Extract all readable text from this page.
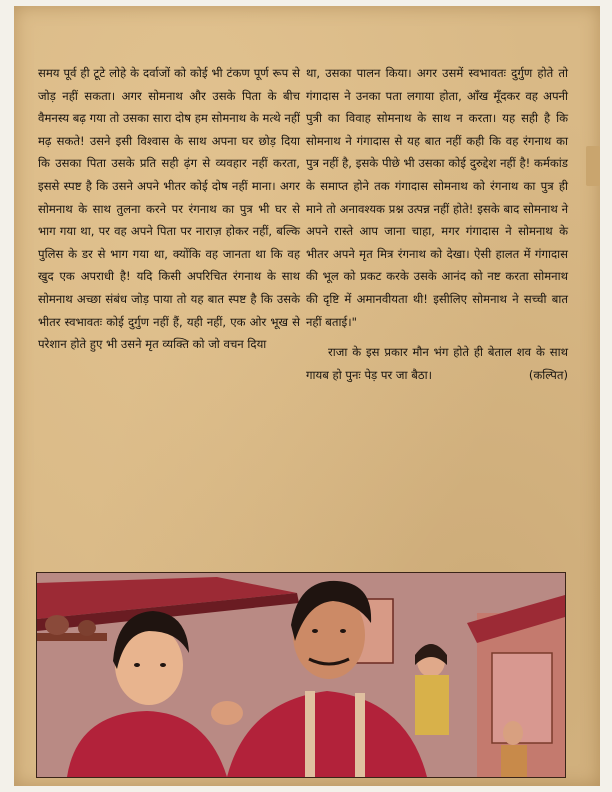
समय पूर्व ही टूटे लोहे के दर्वाजों को कोई भी टंकण पूर्ण रूप से जोड़ नहीं सकता। अगर सोमनाथ और उसके पिता के बीच वैमनस्य बढ़ गया तो उसका सारा दोष हम सोमनाथ के मत्थे नहीं मढ़ सकते! उसने इसी विश्वास के साथ अपना घर छोड़ दिया कि उसका पिता उसके प्रति सही ढ़ंग से व्यवहार नहीं करता, इससे स्पष्ट है कि उसने अपने भीतर कोई दोष नहीं माना। अगर सोमनाथ के साथ तुलना करने पर रंगनाथ का पुत्र भी घर से भाग गया था, पर वह अपने पिता पर नाराज़ होकर नहीं, बल्कि पुलिस के डर से भाग गया था, क्योंकि वह जानता था कि वह खुद एक अपराधी है! यदि किसी अपरिचित रंगनाथ के साथ सोमनाथ अच्छा संबंध जोड़ पाया तो यह बात स्पष्ट है कि उसके भीतर स्वभावतः कोई दुर्गुण नहीं हैं, यही नहीं, एक ओर भूख से परेशान होते हुए भी उसने मृत व्यक्ति को जो वचन दिया

था, उसका पालन किया। अगर उसमें स्वभावतः दुर्गुण होते तो गंगादास ने उनका पता लगाया होता, आँख मूँदकर वह अपनी पुत्री का विवाह सोमनाथ के साथ न करता। यह सही है कि सोमनाथ ने गंगादास से यह बात नहीं कही कि वह रंगनाथ का पुत्र नहीं है, इसके पीछे भी उसका कोई दुरुद्देश नहीं है! कर्मकांड के समाप्त होने तक गंगादास सोमनाथ को रंगनाथ का पुत्र ही माने तो अनावश्यक प्रश्न उत्पन्न नहीं होते! इसके बाद सोमनाथ ने अपने रास्ते आप जाना चाहा, मगर गंगादास ने सोमनाथ के भीतर अपने मृत मित्र रंगनाथ को देखा। ऐसी हालत में गंगादास की भूल को प्रकट करके उसके आनंद को नष्ट करता सोमनाथ की दृष्टि में अमानवीयता थी! इसीलिए सोमनाथ ने सच्ची बात नहीं बताई।"

राजा के इस प्रकार मौन भंग होते ही बेताल शव के साथ गायब हो पुनः पेड़ पर जा बैठा।	(कल्पित)
